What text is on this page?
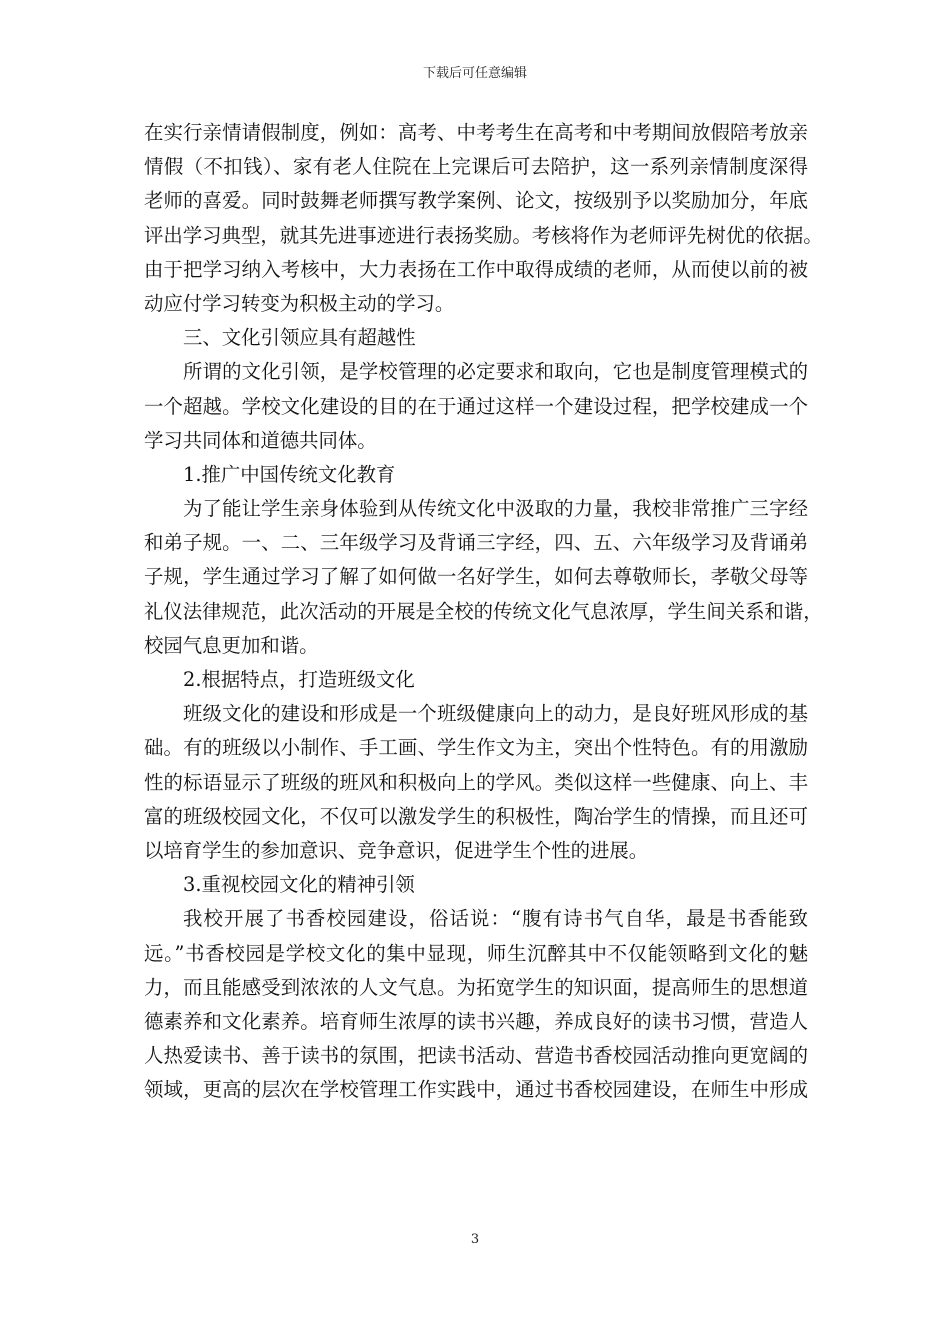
下载后可任意编辑
在实行亲情请假制度，例如：高考、中考考生在高考和中考期间放假陪考放亲
情假（不扣钱）、家有老人住院在上完课后可去陪护，这一系列亲情制度深得
老师的喜爱。同时鼓舞老师撰写教学案例、论文，按级别予以奖励加分，年底
评出学习典型，就其先进事迹进行表扬奖励。考核将作为老师评先树优的依据。
由于把学习纳入考核中，大力表扬在工作中取得成绩的老师，从而使以前的被
动应付学习转变为积极主动的学习。
三、文化引领应具有超越性
所谓的文化引领，是学校管理的必定要求和取向，它也是制度管理模式的
一个超越。学校文化建设的目的在于通过这样一个建设过程，把学校建成一个
学习共同体和道德共同体。
1.推广中国传统文化教育
为了能让学生亲身体验到从传统文化中汲取的力量，我校非常推广三字经
和弟子规。一、二、三年级学习及背诵三字经，四、五、六年级学习及背诵弟
子规，学生通过学习了解了如何做一名好学生，如何去尊敬师长，孝敬父母等
礼仪法律规范，此次活动的开展是全校的传统文化气息浓厚，学生间关系和谐，
校园气息更加和谐。
2.根据特点，打造班级文化
班级文化的建设和形成是一个班级健康向上的动力，是良好班风形成的基
础。有的班级以小制作、手工画、学生作文为主，突出个性特色。有的用激励
性的标语显示了班级的班风和积极向上的学风。类似这样一些健康、向上、丰
富的班级校园文化，不仅可以激发学生的积极性，陶冶学生的情操，而且还可
以培育学生的参加意识、竞争意识，促进学生个性的进展。
3.重视校园文化的精神引领
我校开展了书香校园建设，俗话说：“腹有诗书气自华，最是书香能致
远。”书香校园是学校文化的集中显现，师生沉醉其中不仅能领略到文化的魅
力，而且能感受到浓浓的人文气息。为拓宽学生的知识面，提高师生的思想道
德素养和文化素养。培育师生浓厚的读书兴趣，养成良好的读书习惯，营造人
人热爱读书、善于读书的氛围，把读书活动、营造书香校园活动推向更宽阔的
领域，更高的层次在学校管理工作实践中，通过书香校园建设，在师生中形成
3
